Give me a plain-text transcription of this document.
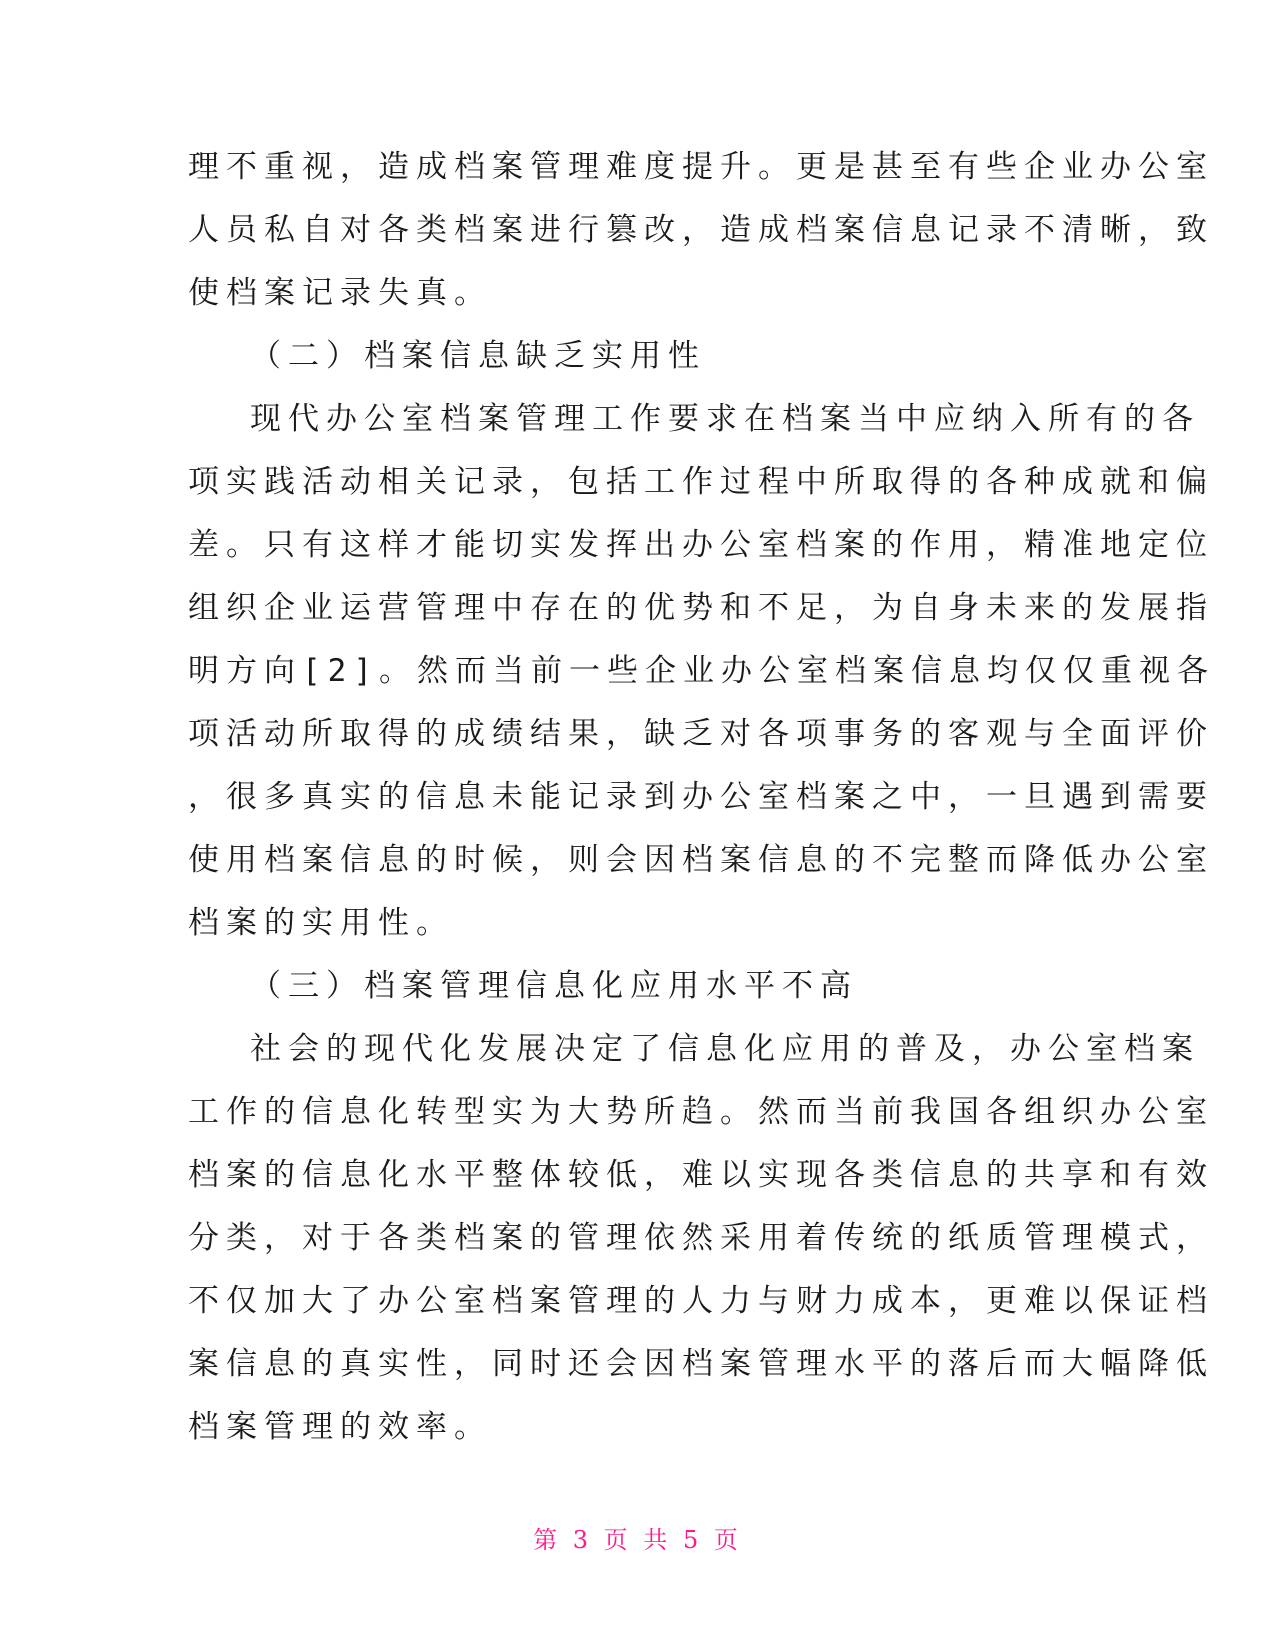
理不重视，造成档案管理难度提升。更是甚至有些企业办公室
人员私自对各类档案进行篡改，造成档案信息记录不清晰，致
使档案记录失真。
（二）档案信息缺乏实用性
现代办公室档案管理工作要求在档案当中应纳入所有的各
项实践活动相关记录，包括工作过程中所取得的各种成就和偏
差。只有这样才能切实发挥出办公室档案的作用，精准地定位
组织企业运营管理中存在的优势和不足，为自身未来的发展指
明方向[2]。然而当前一些企业办公室档案信息均仅仅重视各
项活动所取得的成绩结果，缺乏对各项事务的客观与全面评价
，很多真实的信息未能记录到办公室档案之中，一旦遇到需要
使用档案信息的时候，则会因档案信息的不完整而降低办公室
档案的实用性。
（三）档案管理信息化应用水平不高
社会的现代化发展决定了信息化应用的普及，办公室档案
工作的信息化转型实为大势所趋。然而当前我国各组织办公室
档案的信息化水平整体较低，难以实现各类信息的共享和有效
分类，对于各类档案的管理依然采用着传统的纸质管理模式，
不仅加大了办公室档案管理的人力与财力成本，更难以保证档
案信息的真实性，同时还会因档案管理水平的落后而大幅降低
档案管理的效率。
第 3 页 共 5 页
